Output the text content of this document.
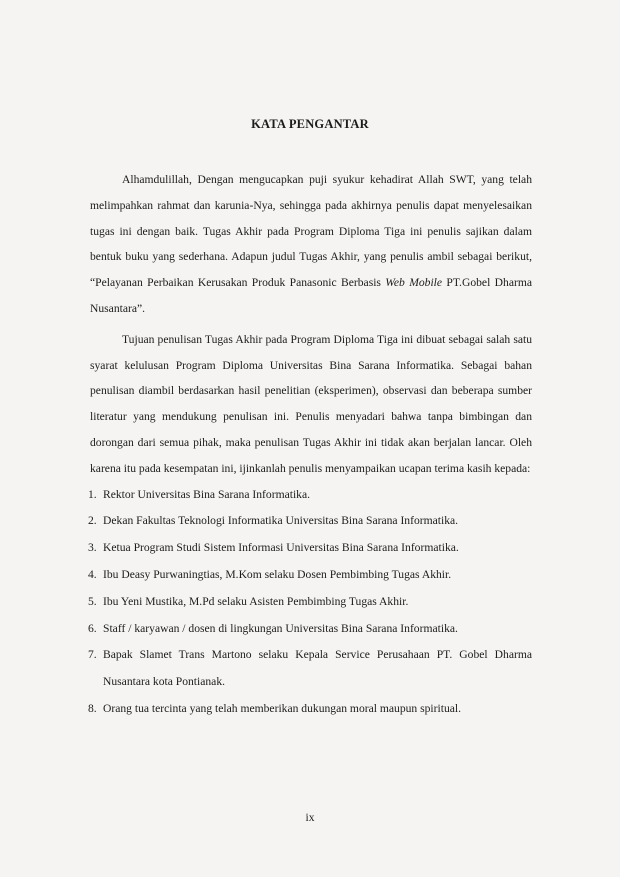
KATA PENGANTAR

Alhamdulillah, Dengan mengucapkan puji syukur kehadirat Allah SWT, yang telah melimpahkan rahmat dan karunia-Nya, sehingga pada akhirnya penulis dapat menyelesaikan tugas ini dengan baik. Tugas Akhir pada Program Diploma Tiga ini penulis sajikan dalam bentuk buku yang sederhana. Adapun judul Tugas Akhir, yang penulis ambil sebagai berikut, “Pelayanan Perbaikan Kerusakan Produk Panasonic Berbasis Web Mobile PT.Gobel Dharma Nusantara”.

Tujuan penulisan Tugas Akhir pada Program Diploma Tiga ini dibuat sebagai salah satu syarat kelulusan Program Diploma Universitas Bina Sarana Informatika. Sebagai bahan penulisan diambil berdasarkan hasil penelitian (eksperimen), observasi dan beberapa sumber literatur yang mendukung penulisan ini. Penulis menyadari bahwa tanpa bimbingan dan dorongan dari semua pihak, maka penulisan Tugas Akhir ini tidak akan berjalan lancar. Oleh karena itu pada kesempatan ini, ijinkanlah penulis menyampaikan ucapan terima kasih kepada:

1. Rektor Universitas Bina Sarana Informatika.
2. Dekan Fakultas Teknologi Informatika Universitas Bina Sarana Informatika.
3. Ketua Program Studi Sistem Informasi Universitas Bina Sarana Informatika.
4. Ibu Deasy Purwaningtias, M.Kom selaku Dosen Pembimbing Tugas Akhir.
5. Ibu Yeni Mustika, M.Pd selaku Asisten Pembimbing Tugas Akhir.
6. Staff / karyawan / dosen di lingkungan Universitas Bina Sarana Informatika.
7. Bapak Slamet Trans Martono selaku Kepala Service Perusahaan PT. Gobel Dharma Nusantara kota Pontianak.
8. Orang tua tercinta yang telah memberikan dukungan moral maupun spiritual.
ix
